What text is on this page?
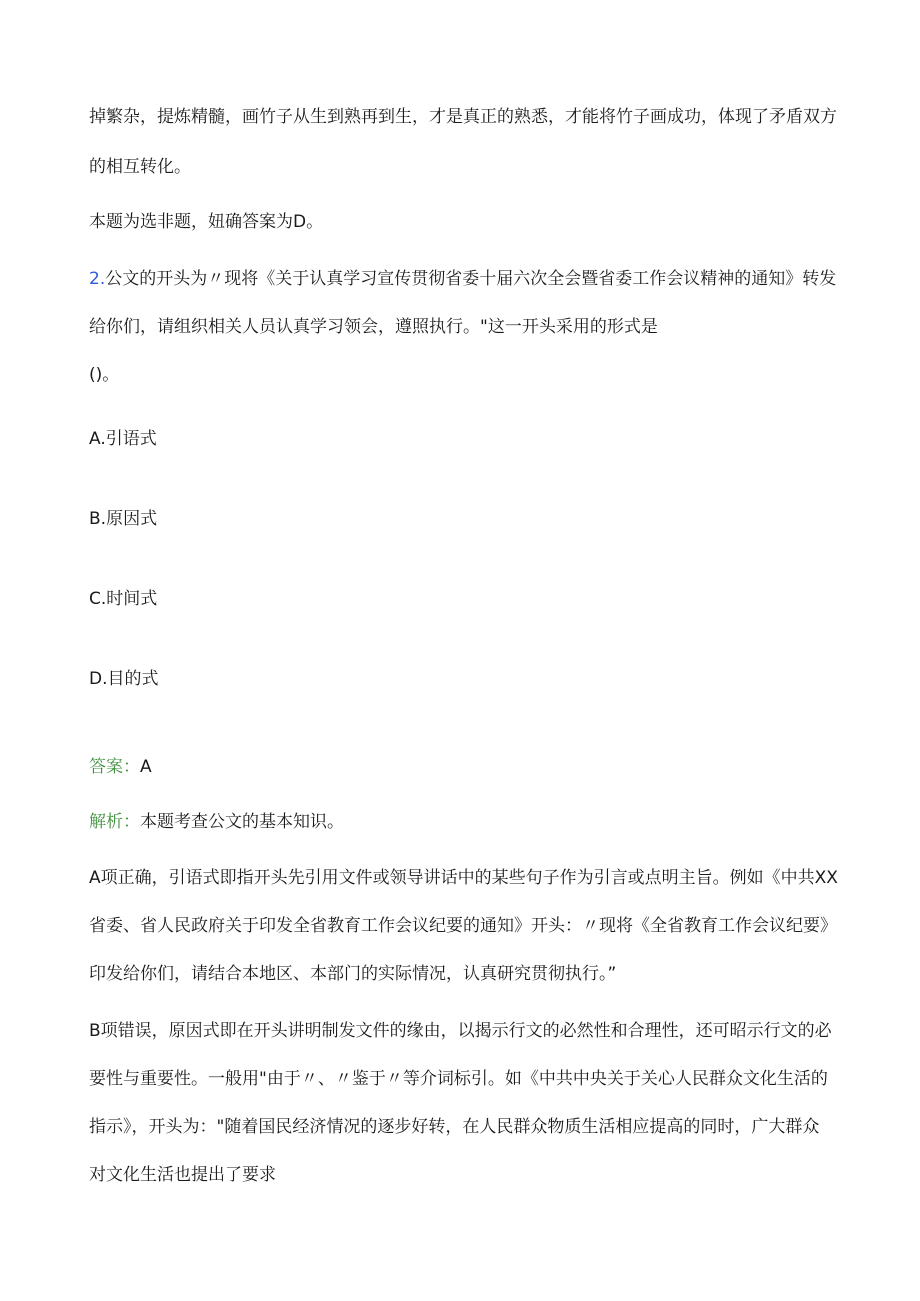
掉繁杂，提炼精髓，画竹子从生到熟再到生，才是真正的熟悉，才能将竹子画成功，体现了矛盾双方
的相互转化。
本题为选非题，妞确答案为D。
2.公文的开头为〃现将《关于认真学习宣传贯彻省委十届六次全会暨省委工作会议精神的通知》转发
给你们，请组织相关人员认真学习领会，遵照执行。"这一开头采用的形式是
()。
A.引语式
B.原因式
C.时间式
D.目的式
答案：A
解析：本题考查公文的基本知识。
A项正确，引语式即指开头先引用文件或领导讲话中的某些句子作为引言或点明主旨。例如《中共XX
省委、省人民政府关于印发全省教育工作会议纪要的通知》开头：〃现将《全省教育工作会议纪要》
印发给你们，请结合本地区、本部门的实际情况，认真研究贯彻执行。”
B项错误，原因式即在开头讲明制发文件的缘由，以揭示行文的必然性和合理性，还可昭示行文的必
要性与重要性。一般用"由于〃、〃鉴于〃等介词标引。如《中共中央关于关心人民群众文化生活的
指示》，开头为："随着国民经济情况的逐步好转，在人民群众物质生活相应提高的同时，广大群众
对文化生活也提出了要求
